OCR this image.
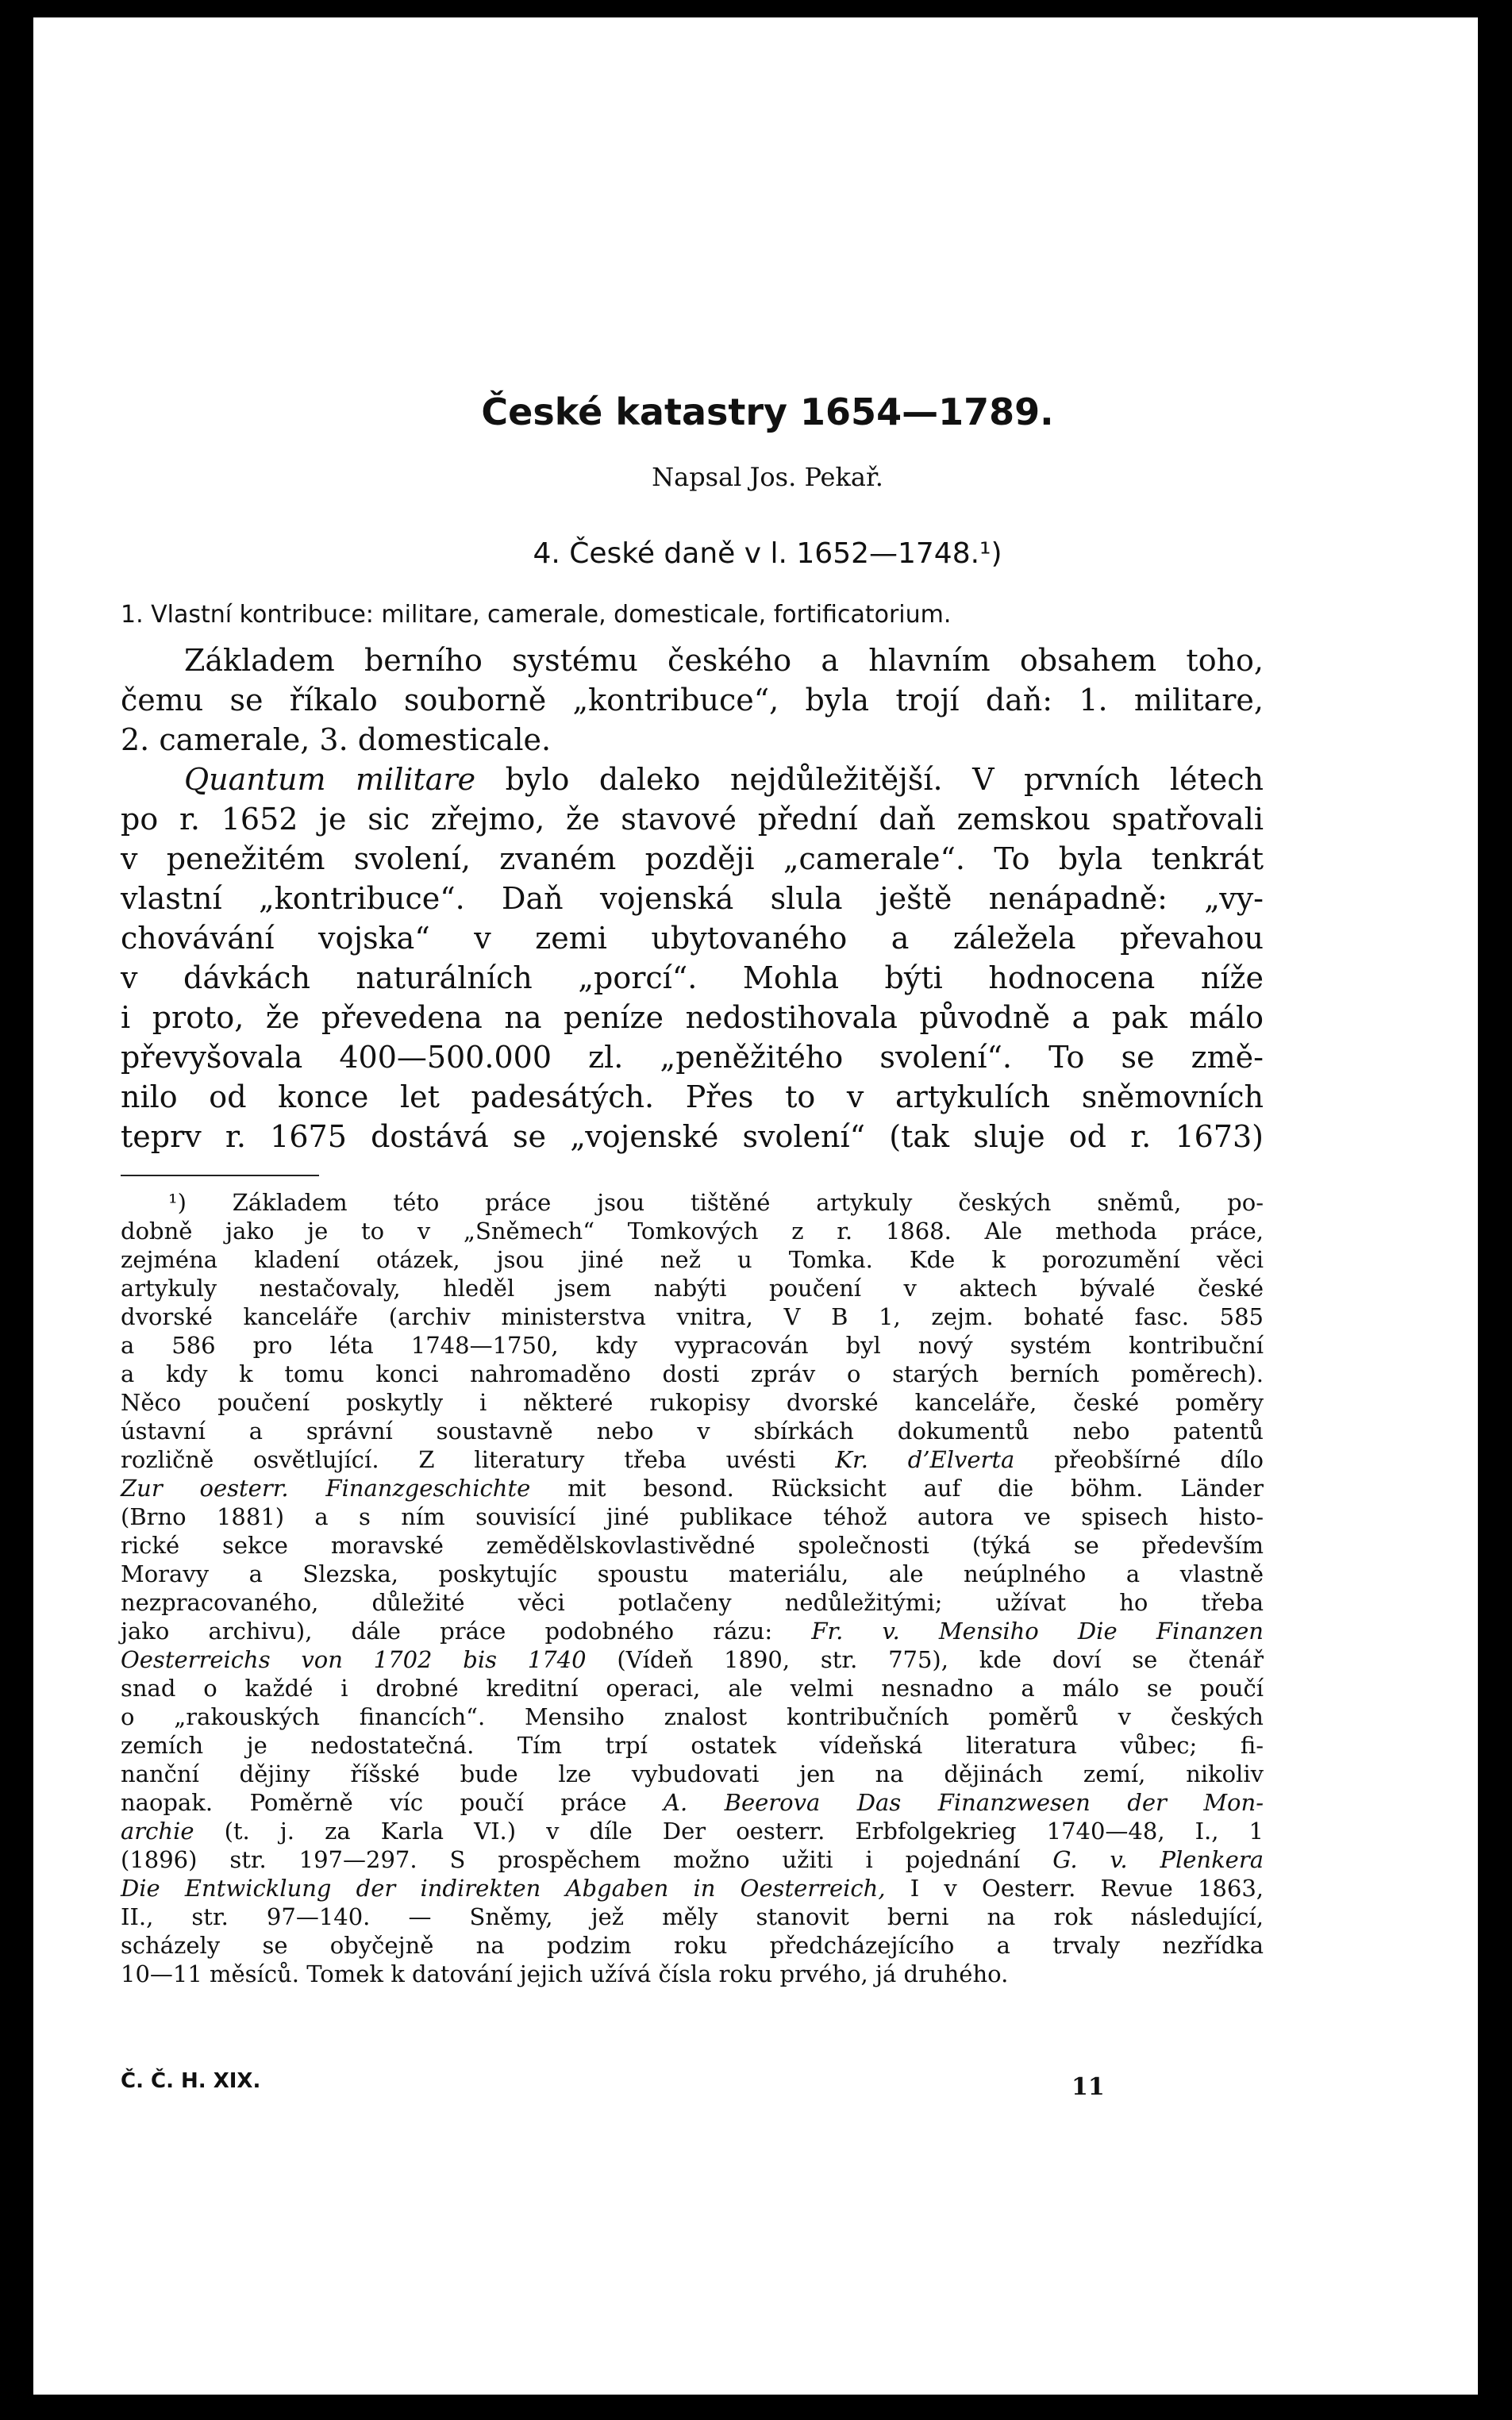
České katastry 1654—1789.
Napsal Jos. Pekař.
4. České daně v l. 1652—1748.¹)
1. Vlastní kontribuce: militare, camerale, domesticale, fortificatorium.

Základem berního systému českého a hlavním obsahem toho,

čemu se říkalo souborně „kontribuce“, byla trojí daň: 1. militare,

2. camerale, 3. domesticale.

Quantum militare bylo daleko nejdůležitější. V prvních létech

po r. 1652 je sic zřejmo, že stavové přední daň zemskou spatřovali

v penežitém svolení, zvaném později „camerale“. To byla tenkrát

vlastní „kontribuce“. Daň vojenská slula ještě nenápadně: „vy-

chovávání vojska“ v zemi ubytovaného a záležela převahou

v dávkách naturálních „porcí“. Mohla býti hodnocena níže

i proto, že převedena na peníze nedostihovala původně a pak málo

převyšovala 400—500.000 zl. „peněžitého svolení“. To se změ-

nilo od konce let padesátých. Přes to v artykulích sněmovních

teprv r. 1675 dostává se „vojenské svolení“ (tak sluje od r. 1673)

¹) Základem této práce jsou tištěné artykuly českých sněmů, po-

dobně jako je to v „Sněmech“ Tomkových z r. 1868. Ale methoda práce,

zejména kladení otázek, jsou jiné než u Tomka. Kde k porozumění věci

artykuly nestačovaly, hleděl jsem nabýti poučení v aktech bývalé české

dvorské kanceláře (archiv ministerstva vnitra, V B 1, zejm. bohaté fasc. 585

a 586 pro léta 1748—1750, kdy vypracován byl nový systém kontribuční

a kdy k tomu konci nahromaděno dosti zpráv o starých berních poměrech).

Něco poučení poskytly i některé rukopisy dvorské kanceláře, české poměry

ústavní a správní soustavně nebo v sbírkách dokumentů nebo patentů

rozličně osvětlující. Z literatury třeba uvésti Kr. d’Elverta přeobšírné dílo

Zur oesterr. Finanzgeschichte mit besond. Rücksicht auf die böhm. Länder

(Brno 1881) a s ním souvisící jiné publikace téhož autora ve spisech histo-

rické sekce moravské zemědělskovlastivědné společnosti (týká se především

Moravy a Slezska, poskytujíc spoustu materiálu, ale neúplného a vlastně

nezpracovaného, důležité věci potlačeny nedůležitými; užívat ho třeba

jako archivu), dále práce podobného rázu: Fr. v. Mensiho Die Finanzen

Oesterreichs von 1702 bis 1740 (Vídeň 1890, str. 775), kde doví se čtenář

snad o každé i drobné kreditní operaci, ale velmi nesnadno a málo se poučí

o „rakouských financích“. Mensiho znalost kontribučních poměrů v českých

zemích je nedostatečná. Tím trpí ostatek vídeňská literatura vůbec; fi-

nanční dějiny říšské bude lze vybudovati jen na dějinách zemí, nikoliv

naopak. Poměrně víc poučí práce A. Beerova Das Finanzwesen der Mon-

archie (t. j. za Karla VI.) v díle Der oesterr. Erbfolgekrieg 1740—48, I., 1

(1896) str. 197—297. S prospěchem možno užiti i pojednání G. v. Plenkera

Die Entwicklung der indirekten Abgaben in Oesterreich, I v Oesterr. Revue 1863,

II., str. 97—140. — Sněmy, jež měly stanovit berni na rok následující,

scházely se obyčejně na podzim roku předcházejícího a trvaly nezřídka

10—11 měsíců. Tomek k datování jejich užívá čísla roku prvého, já druhého.

Č. Č. H. XIX.	11
